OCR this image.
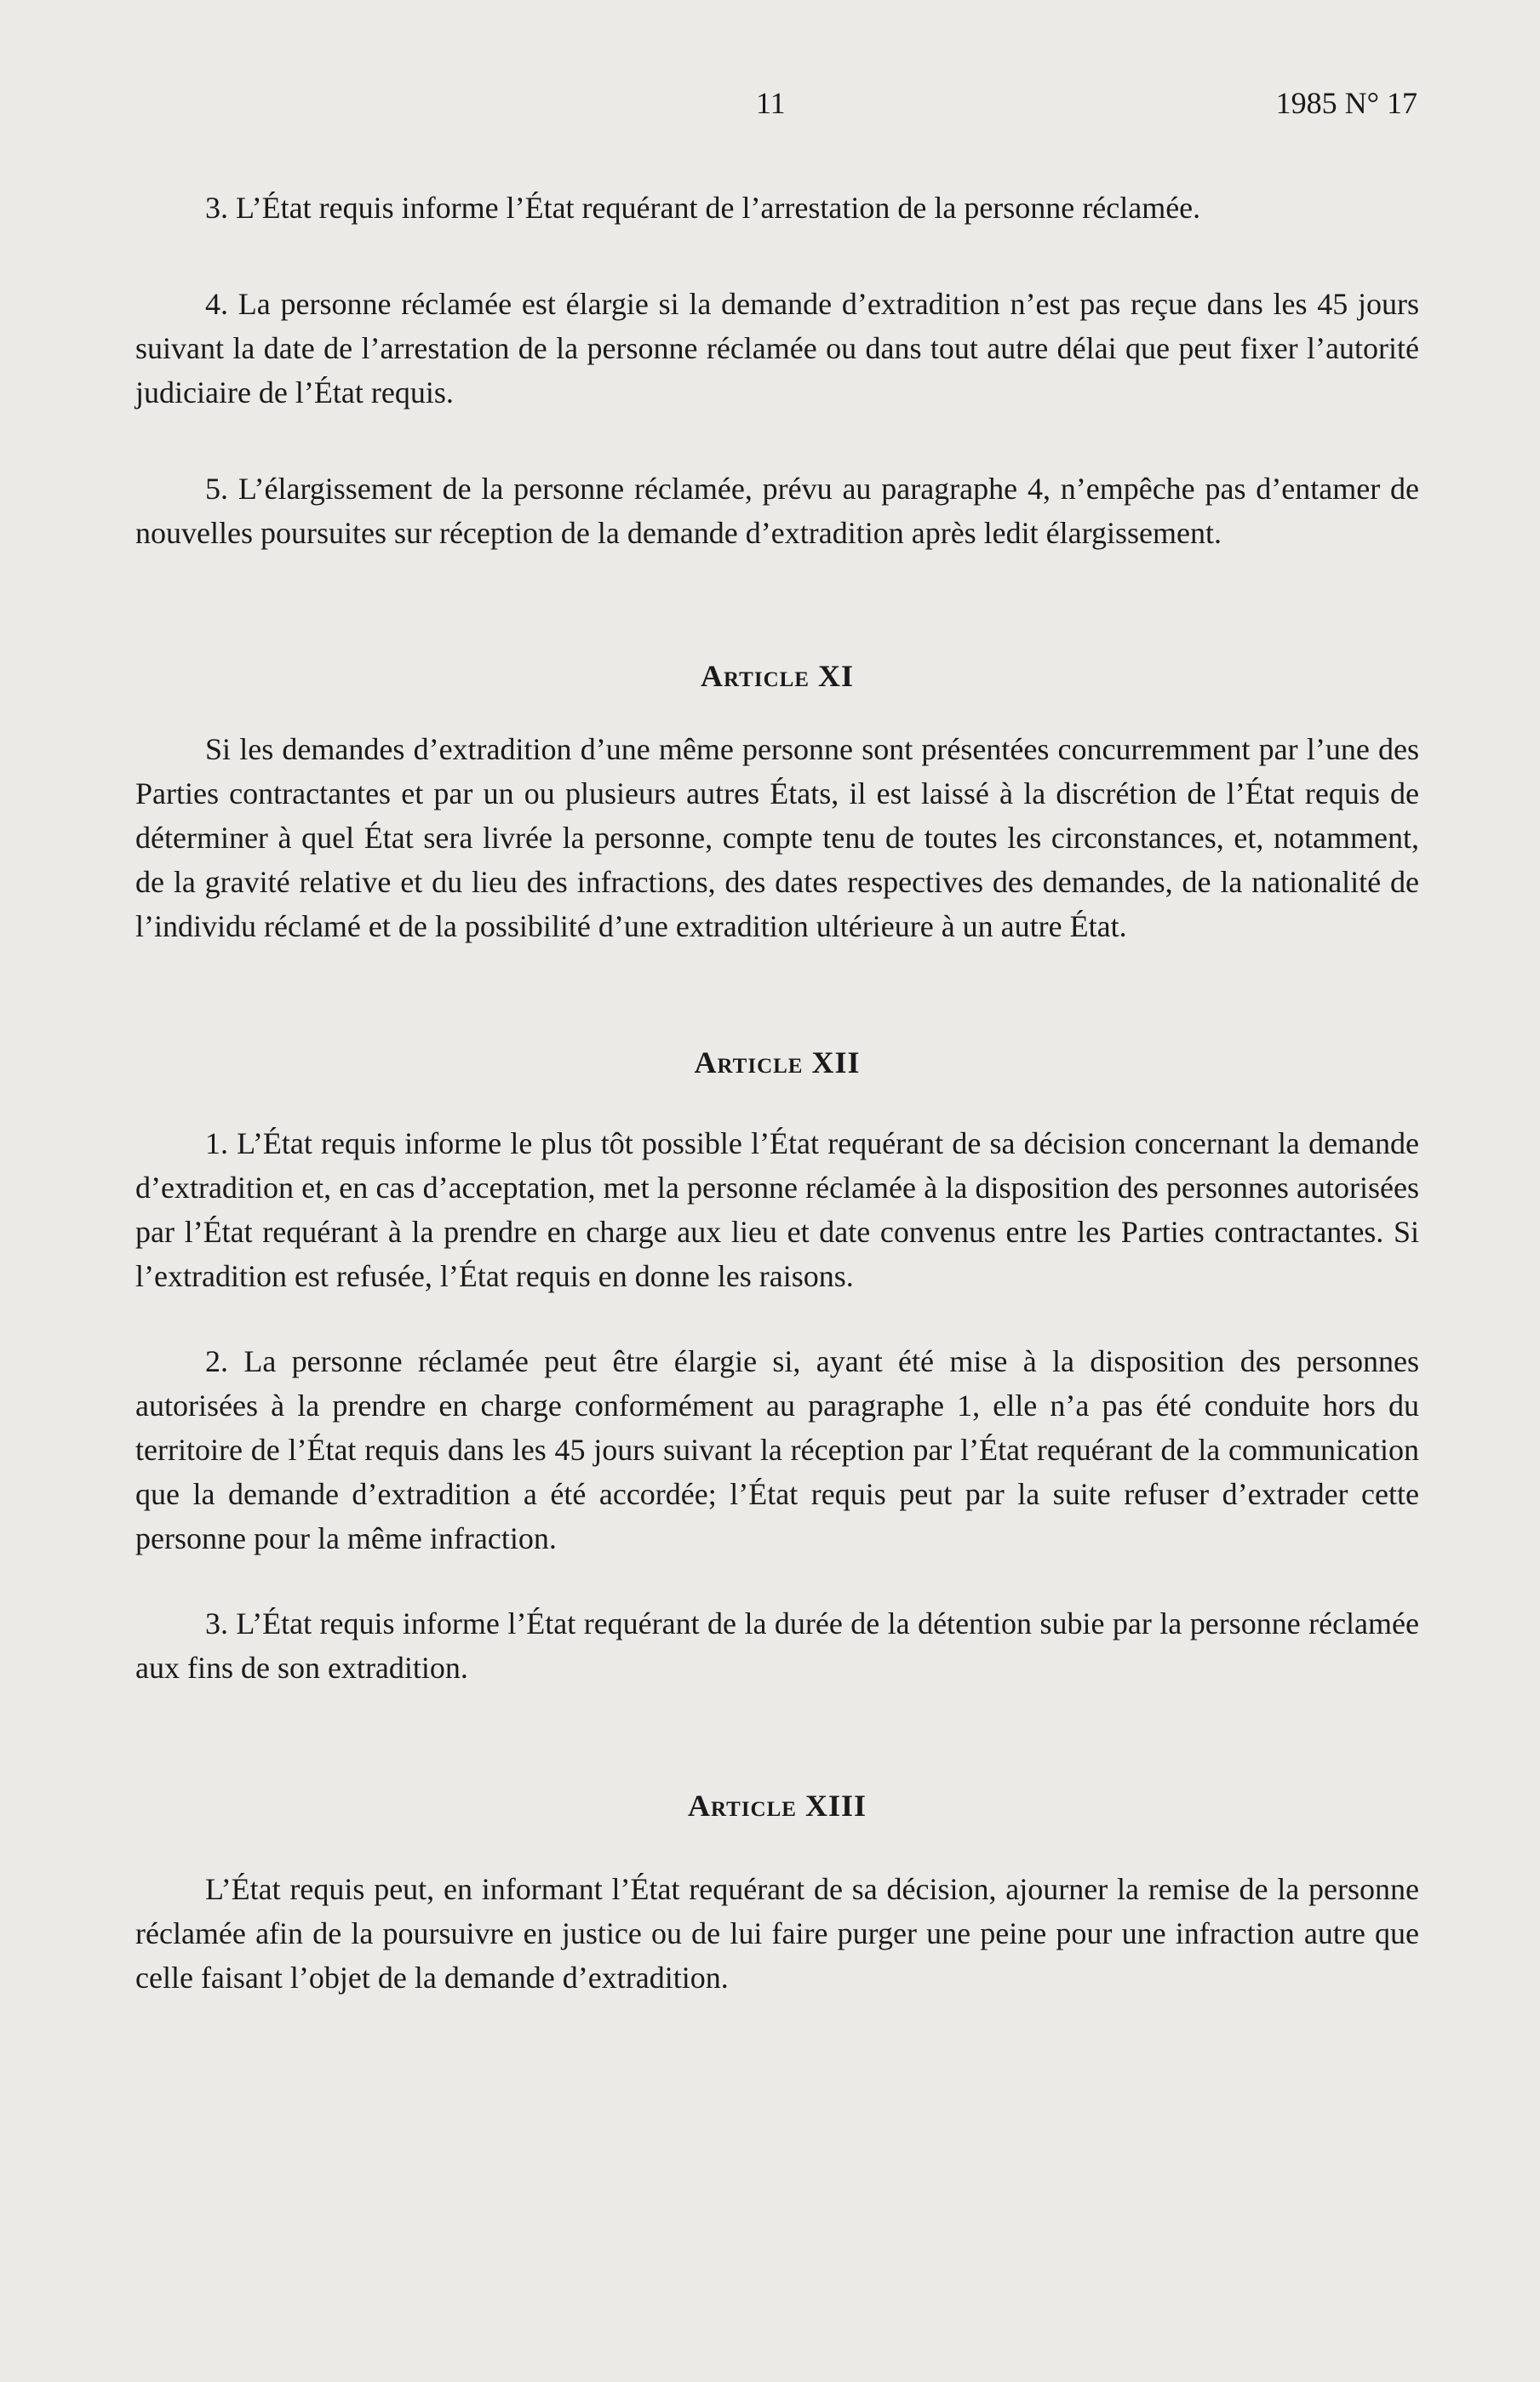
11	1985 N° 17

3. L’État requis informe l’État requérant de l’arrestation de la personne réclamée.

4. La personne réclamée est élargie si la demande d’extradition n’est pas reçue dans les 45 jours suivant la date de l’arrestation de la personne réclamée ou dans tout autre délai que peut fixer l’autorité judiciaire de l’État requis.

5. L’élargissement de la personne réclamée, prévu au paragraphe 4, n’empêche pas d’entamer de nouvelles poursuites sur réception de la demande d’extradition après ledit élargissement.

Article XI

Si les demandes d’extradition d’une même personne sont présentées concurremment par l’une des Parties contractantes et par un ou plusieurs autres États, il est laissé à la discrétion de l’État requis de déterminer à quel État sera livrée la personne, compte tenu de toutes les circonstances, et, notamment, de la gravité relative et du lieu des infractions, des dates respectives des demandes, de la nationalité de l’individu réclamé et de la possibilité d’une extradition ultérieure à un autre État.

Article XII

1. L’État requis informe le plus tôt possible l’État requérant de sa décision concernant la demande d’extradition et, en cas d’acceptation, met la personne réclamée à la disposition des personnes autorisées par l’État requérant à la prendre en charge aux lieu et date convenus entre les Parties contractantes. Si l’extradition est refusée, l’État requis en donne les raisons.

2. La personne réclamée peut être élargie si, ayant été mise à la disposition des personnes autorisées à la prendre en charge conformément au paragraphe 1, elle n’a pas été conduite hors du territoire de l’État requis dans les 45 jours suivant la réception par l’État requérant de la communication que la demande d’extradition a été accordée; l’État requis peut par la suite refuser d’extrader cette personne pour la même infraction.

3. L’État requis informe l’État requérant de la durée de la détention subie par la personne réclamée aux fins de son extradition.

Article XIII

L’État requis peut, en informant l’État requérant de sa décision, ajourner la remise de la personne réclamée afin de la poursuivre en justice ou de lui faire purger une peine pour une infraction autre que celle faisant l’objet de la demande d’extradition.
